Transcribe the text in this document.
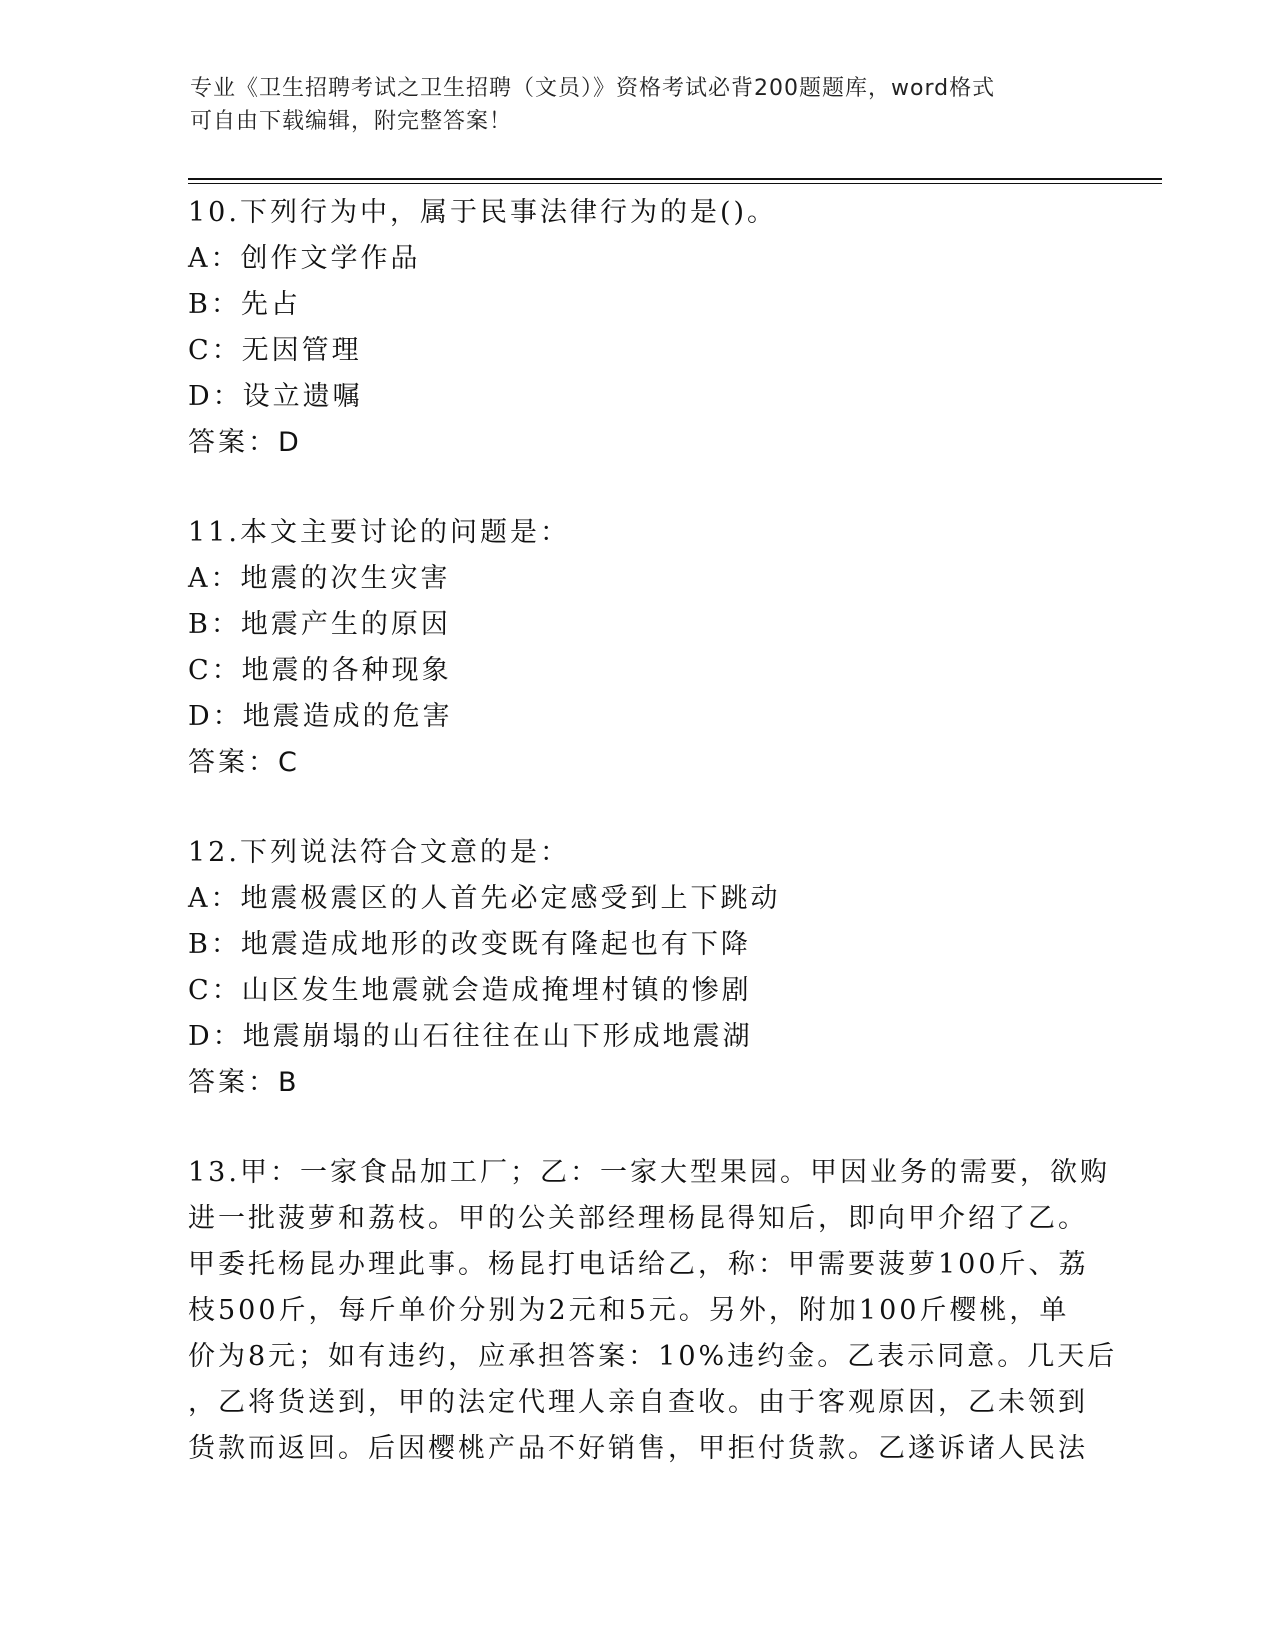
专业《卫生招聘考试之卫生招聘（文员）》资格考试必背200题题库，word格式
可自由下载编辑，附完整答案！
10.下列行为中，属于民事法律行为的是()。
A：创作文学作品
B：先占
C：无因管理
D：设立遗嘱
答案：D
11.本文主要讨论的问题是：
A：地震的次生灾害
B：地震产生的原因
C：地震的各种现象
D：地震造成的危害
答案：C
12.下列说法符合文意的是：
A：地震极震区的人首先必定感受到上下跳动
B：地震造成地形的改变既有隆起也有下降
C：山区发生地震就会造成掩埋村镇的惨剧
D：地震崩塌的山石往往在山下形成地震湖
答案：B
13.甲：一家食品加工厂；乙：一家大型果园。甲因业务的需要，欲购
进一批菠萝和荔枝。甲的公关部经理杨昆得知后，即向甲介绍了乙。
甲委托杨昆办理此事。杨昆打电话给乙，称：甲需要菠萝100斤、荔
枝500斤，每斤单价分别为2元和5元。另外，附加100斤樱桃，单
价为8元；如有违约，应承担答案：10%违约金。乙表示同意。几天后
，乙将货送到，甲的法定代理人亲自查收。由于客观原因，乙未领到
货款而返回。后因樱桃产品不好销售，甲拒付货款。乙遂诉诸人民法
